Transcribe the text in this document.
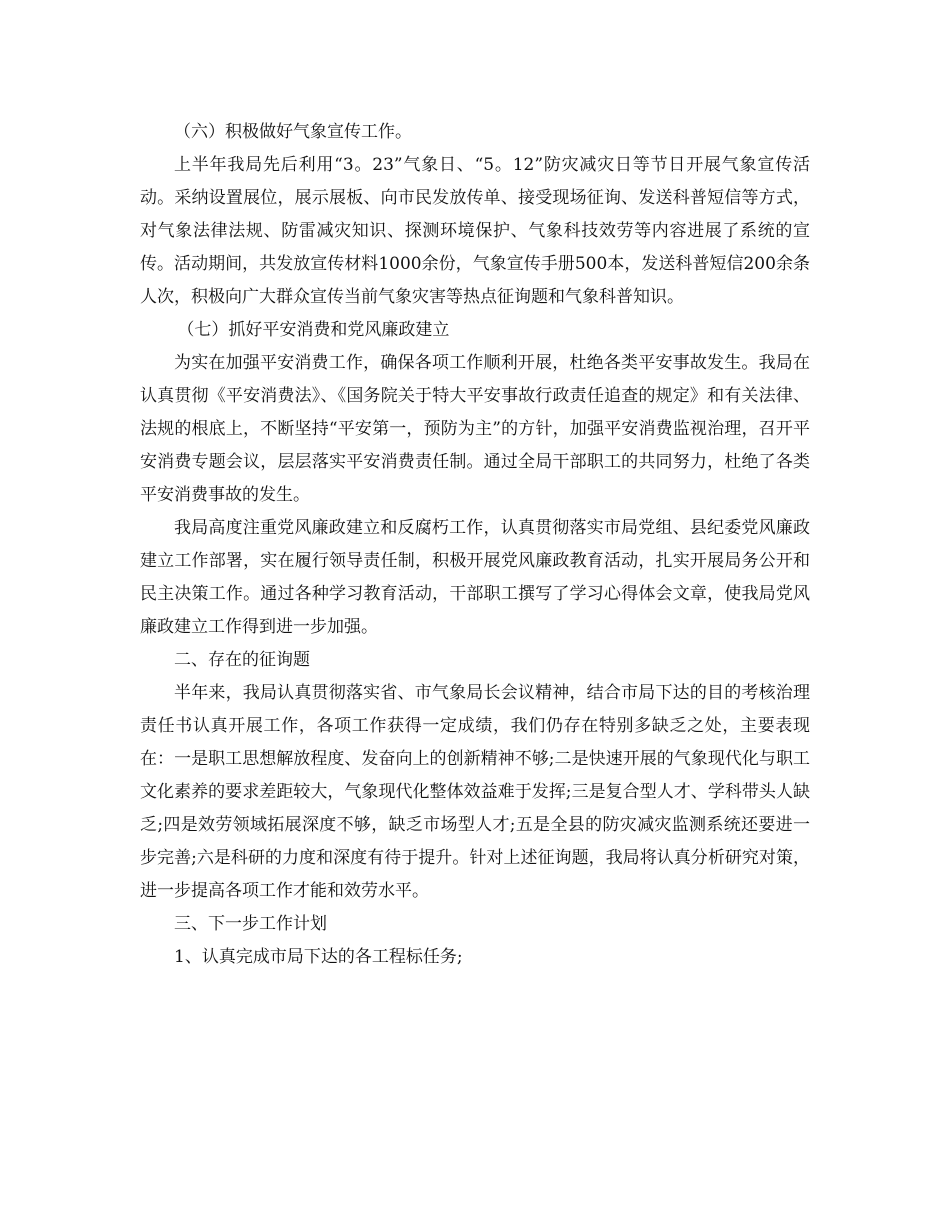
（六）积极做好气象宣传工作。

上半年我局先后利用“3。23”气象日、“5。12”防灾减灾日等节日开展气象宣传活动。采纳设置展位，展示展板、向市民发放传单、接受现场征询、发送科普短信等方式，对气象法律法规、防雷减灾知识、探测环境保护、气象科技效劳等内容进展了系统的宣传。活动期间，共发放宣传材料1000余份，气象宣传手册500本，发送科普短信200余条人次，积极向广大群众宣传当前气象灾害等热点征询题和气象科普知识。

（七）抓好平安消费和党风廉政建立

为实在加强平安消费工作，确保各项工作顺利开展，杜绝各类平安事故发生。我局在认真贯彻《平安消费法》、《国务院关于特大平安事故行政责任追查的规定》和有关法律、法规的根底上，不断坚持“平安第一，预防为主”的方针，加强平安消费监视治理，召开平安消费专题会议，层层落实平安消费责任制。通过全局干部职工的共同努力，杜绝了各类平安消费事故的发生。

我局高度注重党风廉政建立和反腐朽工作，认真贯彻落实市局党组、县纪委党风廉政建立工作部署，实在履行领导责任制，积极开展党风廉政教育活动，扎实开展局务公开和民主决策工作。通过各种学习教育活动，干部职工撰写了学习心得体会文章，使我局党风廉政建立工作得到进一步加强。

二、存在的征询题

半年来，我局认真贯彻落实省、市气象局长会议精神，结合市局下达的目的考核治理责任书认真开展工作，各项工作获得一定成绩，我们仍存在特别多缺乏之处，主要表现在：一是职工思想解放程度、发奋向上的创新精神不够;二是快速开展的气象现代化与职工文化素养的要求差距较大，气象现代化整体效益难于发挥;三是复合型人才、学科带头人缺乏;四是效劳领域拓展深度不够，缺乏市场型人才;五是全县的防灾减灾监测系统还要进一步完善;六是科研的力度和深度有待于提升。针对上述征询题，我局将认真分析研究对策，进一步提高各项工作才能和效劳水平。

三、下一步工作计划

1、认真完成市局下达的各工程标任务;
